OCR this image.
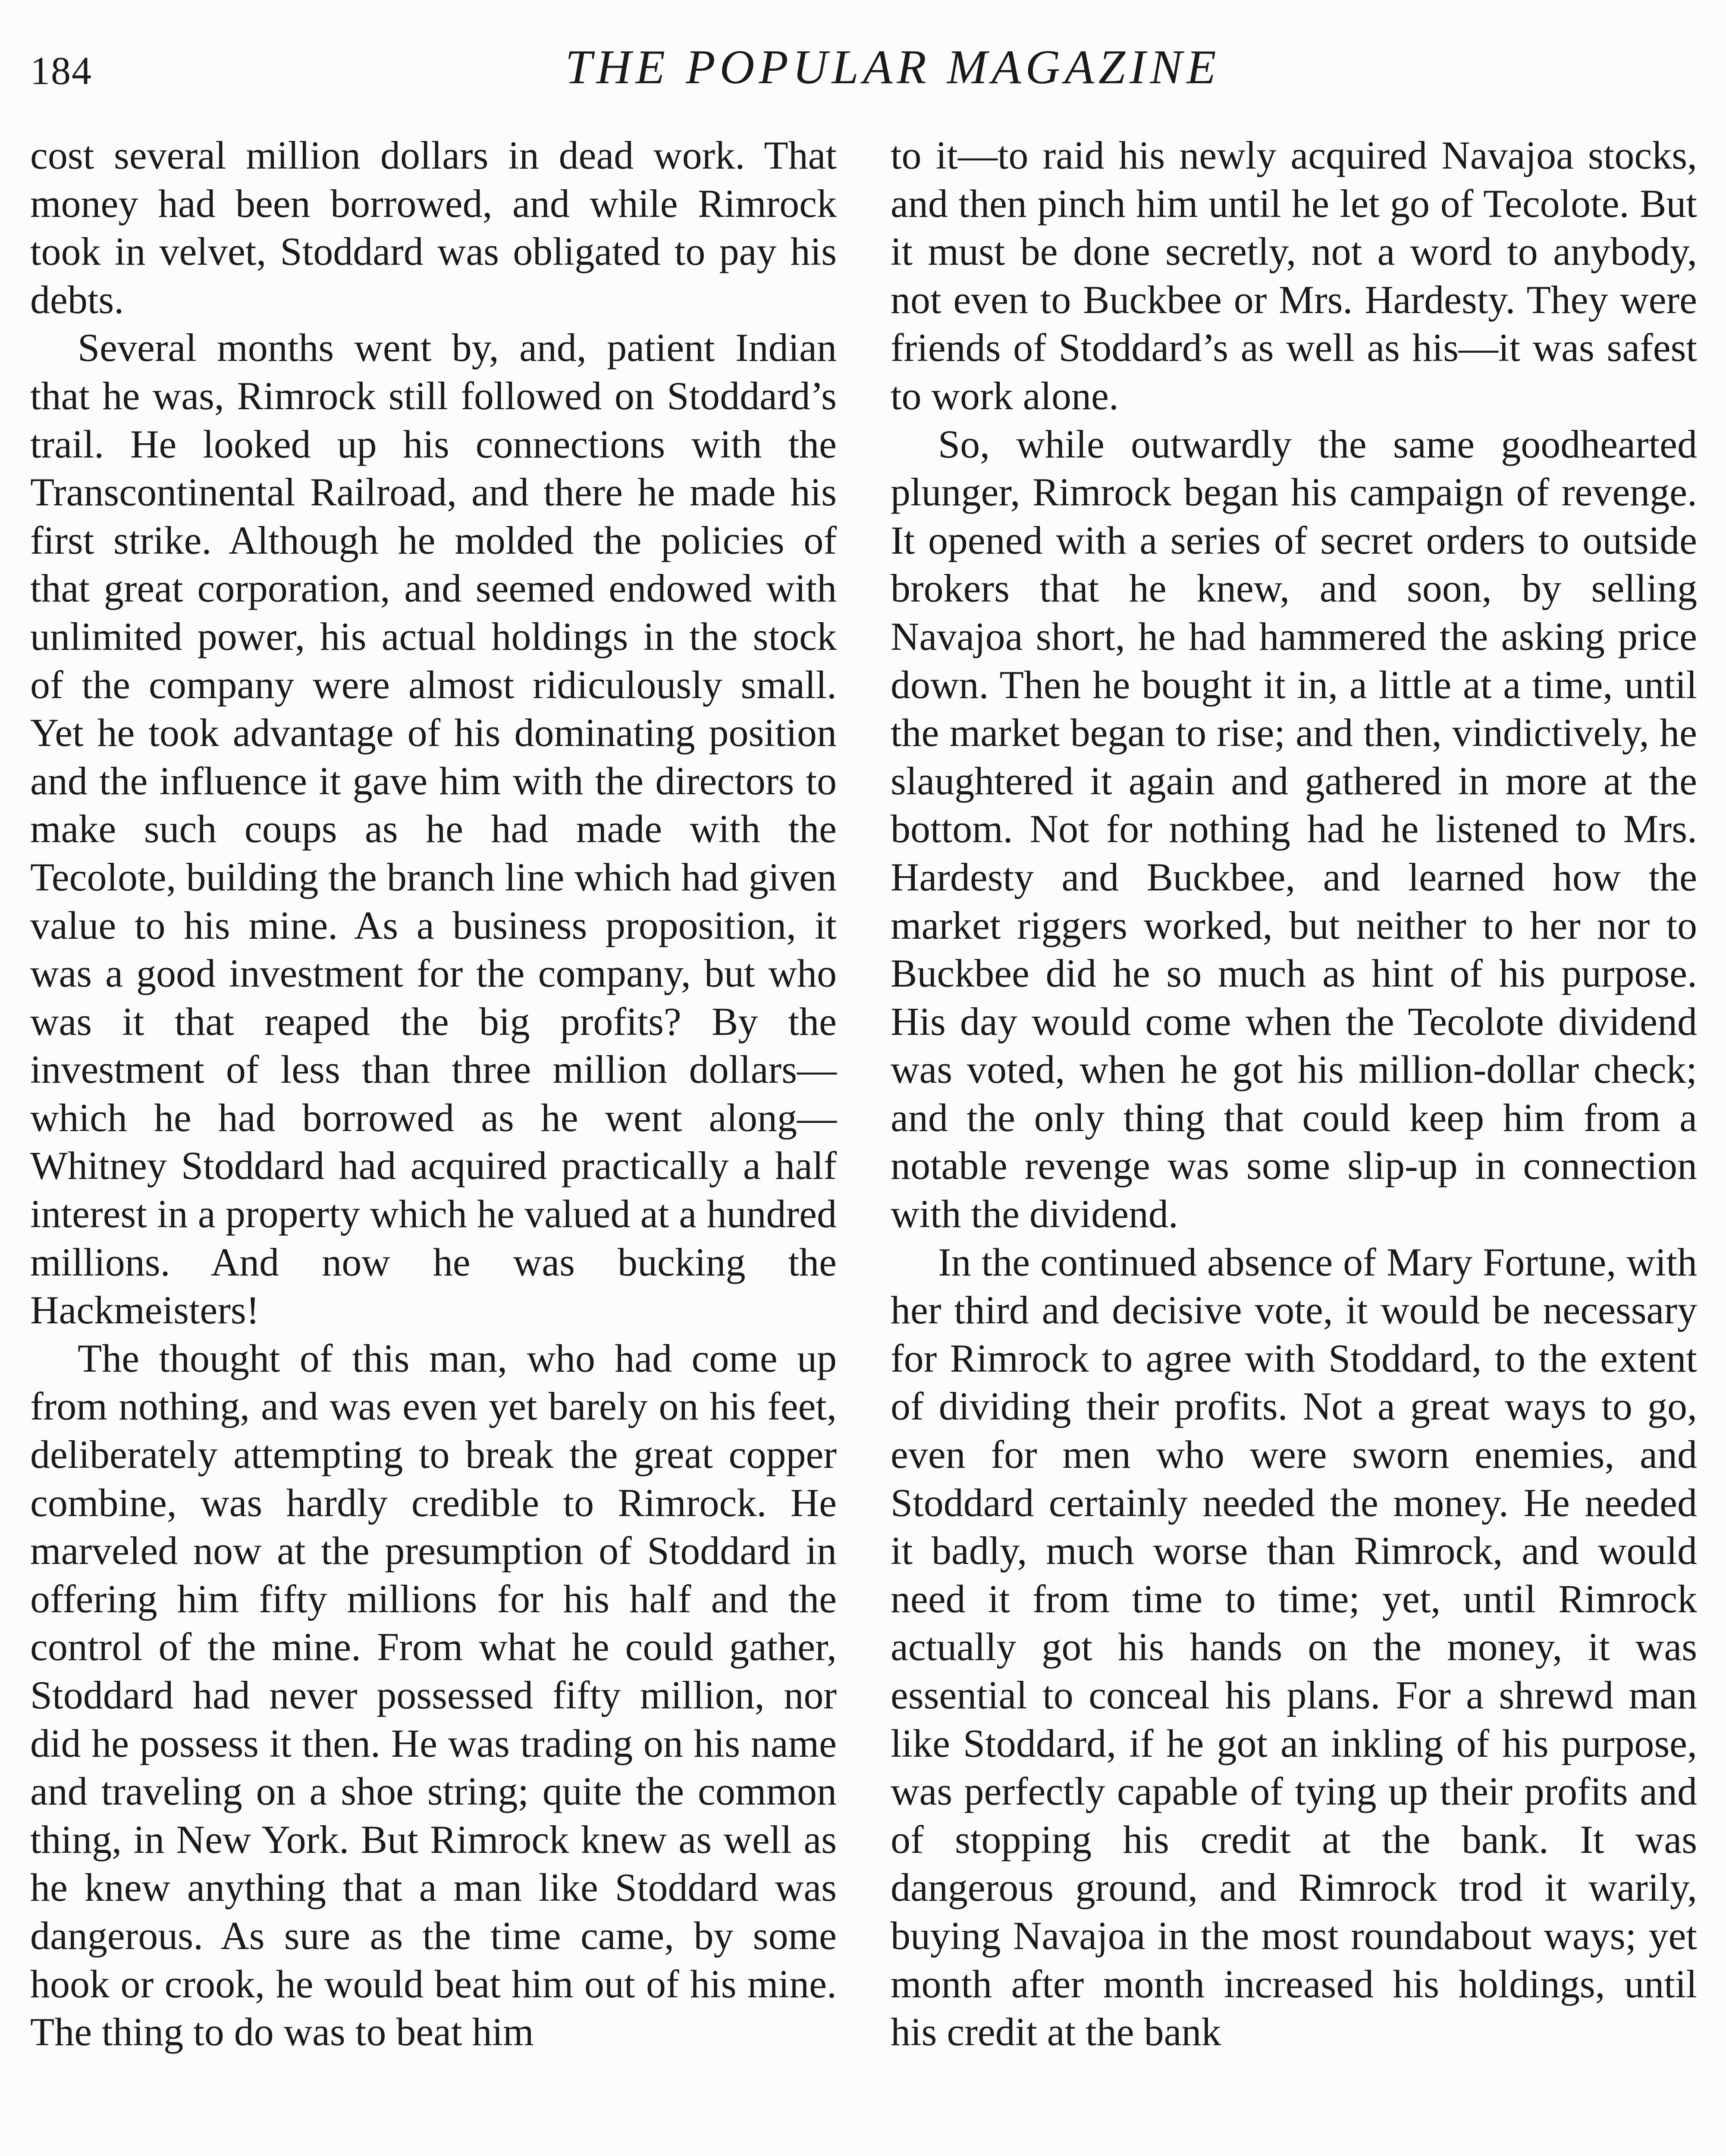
184	THE POPULAR MAGAZINE

cost several million dollars in dead work. That money had been borrowed, and while Rimrock took in velvet, Stoddard was obligated to pay his debts.

Several months went by, and, patient Indian that he was, Rimrock still followed on Stoddard’s trail. He looked up his connections with the Transcontinental Railroad, and there he made his first strike. Although he molded the policies of that great corporation, and seemed endowed with unlimited power, his actual holdings in the stock of the company were almost ridiculously small. Yet he took advantage of his dominating position and the influence it gave him with the directors to make such coups as he had made with the Tecolote, building the branch line which had given value to his mine. As a business proposition, it was a good investment for the company, but who was it that reaped the big profits? By the investment of less than three million dollars—which he had borrowed as he went along—Whitney Stoddard had acquired practically a half interest in a property which he valued at a hundred millions. And now he was bucking the Hackmeisters!

The thought of this man, who had come up from nothing, and was even yet barely on his feet, deliberately attempting to break the great copper combine, was hardly credible to Rimrock. He marveled now at the presumption of Stoddard in offering him fifty millions for his half and the control of the mine. From what he could gather, Stoddard had never possessed fifty million, nor did he possess it then. He was trading on his name and traveling on a shoe string; quite the common thing, in New York. But Rimrock knew as well as he knew anything that a man like Stoddard was dangerous. As sure as the time came, by some hook or crook, he would beat him out of his mine. The thing to do was to beat him

to it—to raid his newly acquired Navajoa stocks, and then pinch him until he let go of Tecolote. But it must be done secretly, not a word to anybody, not even to Buckbee or Mrs. Hardesty. They were friends of Stoddard’s as well as his—it was safest to work alone.

So, while outwardly the same goodhearted plunger, Rimrock began his campaign of revenge. It opened with a series of secret orders to outside brokers that he knew, and soon, by selling Navajoa short, he had hammered the asking price down. Then he bought it in, a little at a time, until the market began to rise; and then, vindictively, he slaughtered it again and gathered in more at the bottom. Not for nothing had he listened to Mrs. Hardesty and Buckbee, and learned how the market riggers worked, but neither to her nor to Buckbee did he so much as hint of his purpose. His day would come when the Tecolote dividend was voted, when he got his million-dollar check; and the only thing that could keep him from a notable revenge was some slip-up in connection with the dividend.

In the continued absence of Mary Fortune, with her third and decisive vote, it would be necessary for Rimrock to agree with Stoddard, to the extent of dividing their profits. Not a great ways to go, even for men who were sworn enemies, and Stoddard certainly needed the money. He needed it badly, much worse than Rimrock, and would need it from time to time; yet, until Rimrock actually got his hands on the money, it was essential to conceal his plans. For a shrewd man like Stoddard, if he got an inkling of his purpose, was perfectly capable of tying up their profits and of stopping his credit at the bank. It was dangerous ground, and Rimrock trod it warily, buying Navajoa in the most roundabout ways; yet month after month increased his holdings, until his credit at the bank
